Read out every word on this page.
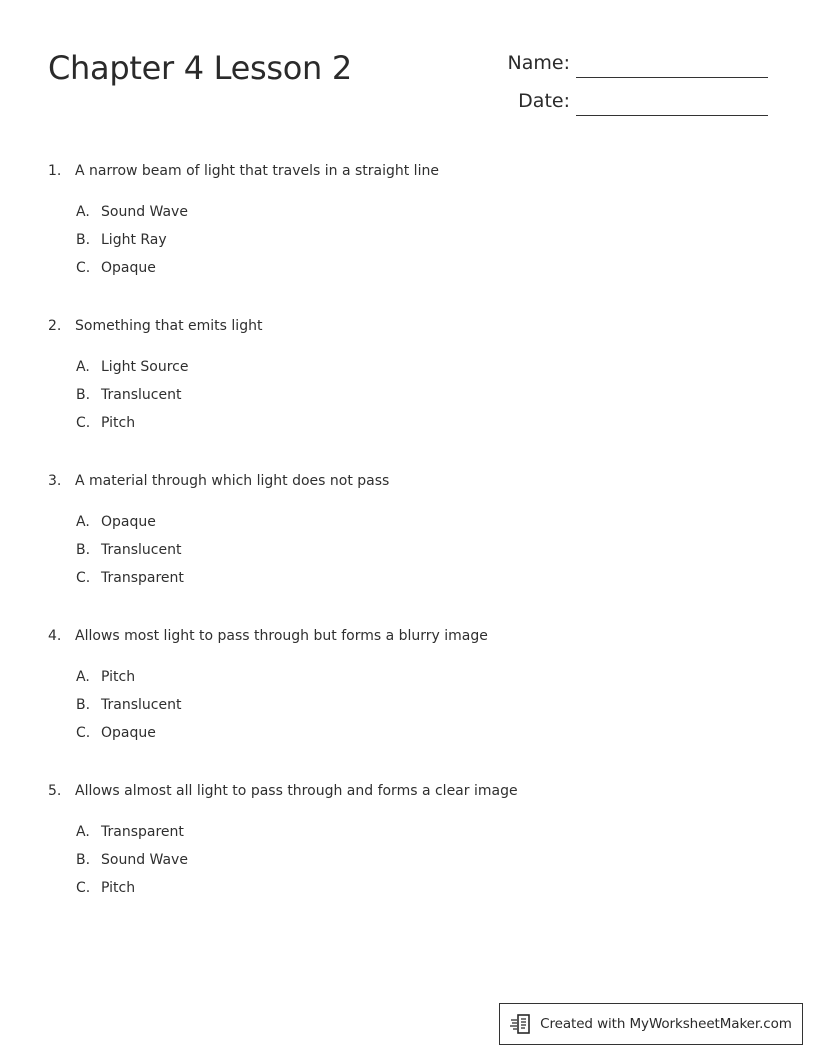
Chapter 4 Lesson 2	Name:
Date:
1. A narrow beam of light that travels in a straight line
A. Sound Wave
B. Light Ray
C. Opaque
2. Something that emits light
A. Light Source
B. Translucent
C. Pitch
3. A material through which light does not pass
A. Opaque
B. Translucent
C. Transparent
4. Allows most light to pass through but forms a blurry image
A. Pitch
B. Translucent
C. Opaque
5. Allows almost all light to pass through and forms a clear image
A. Transparent
B. Sound Wave
C. Pitch
Created with MyWorksheetMaker.com
